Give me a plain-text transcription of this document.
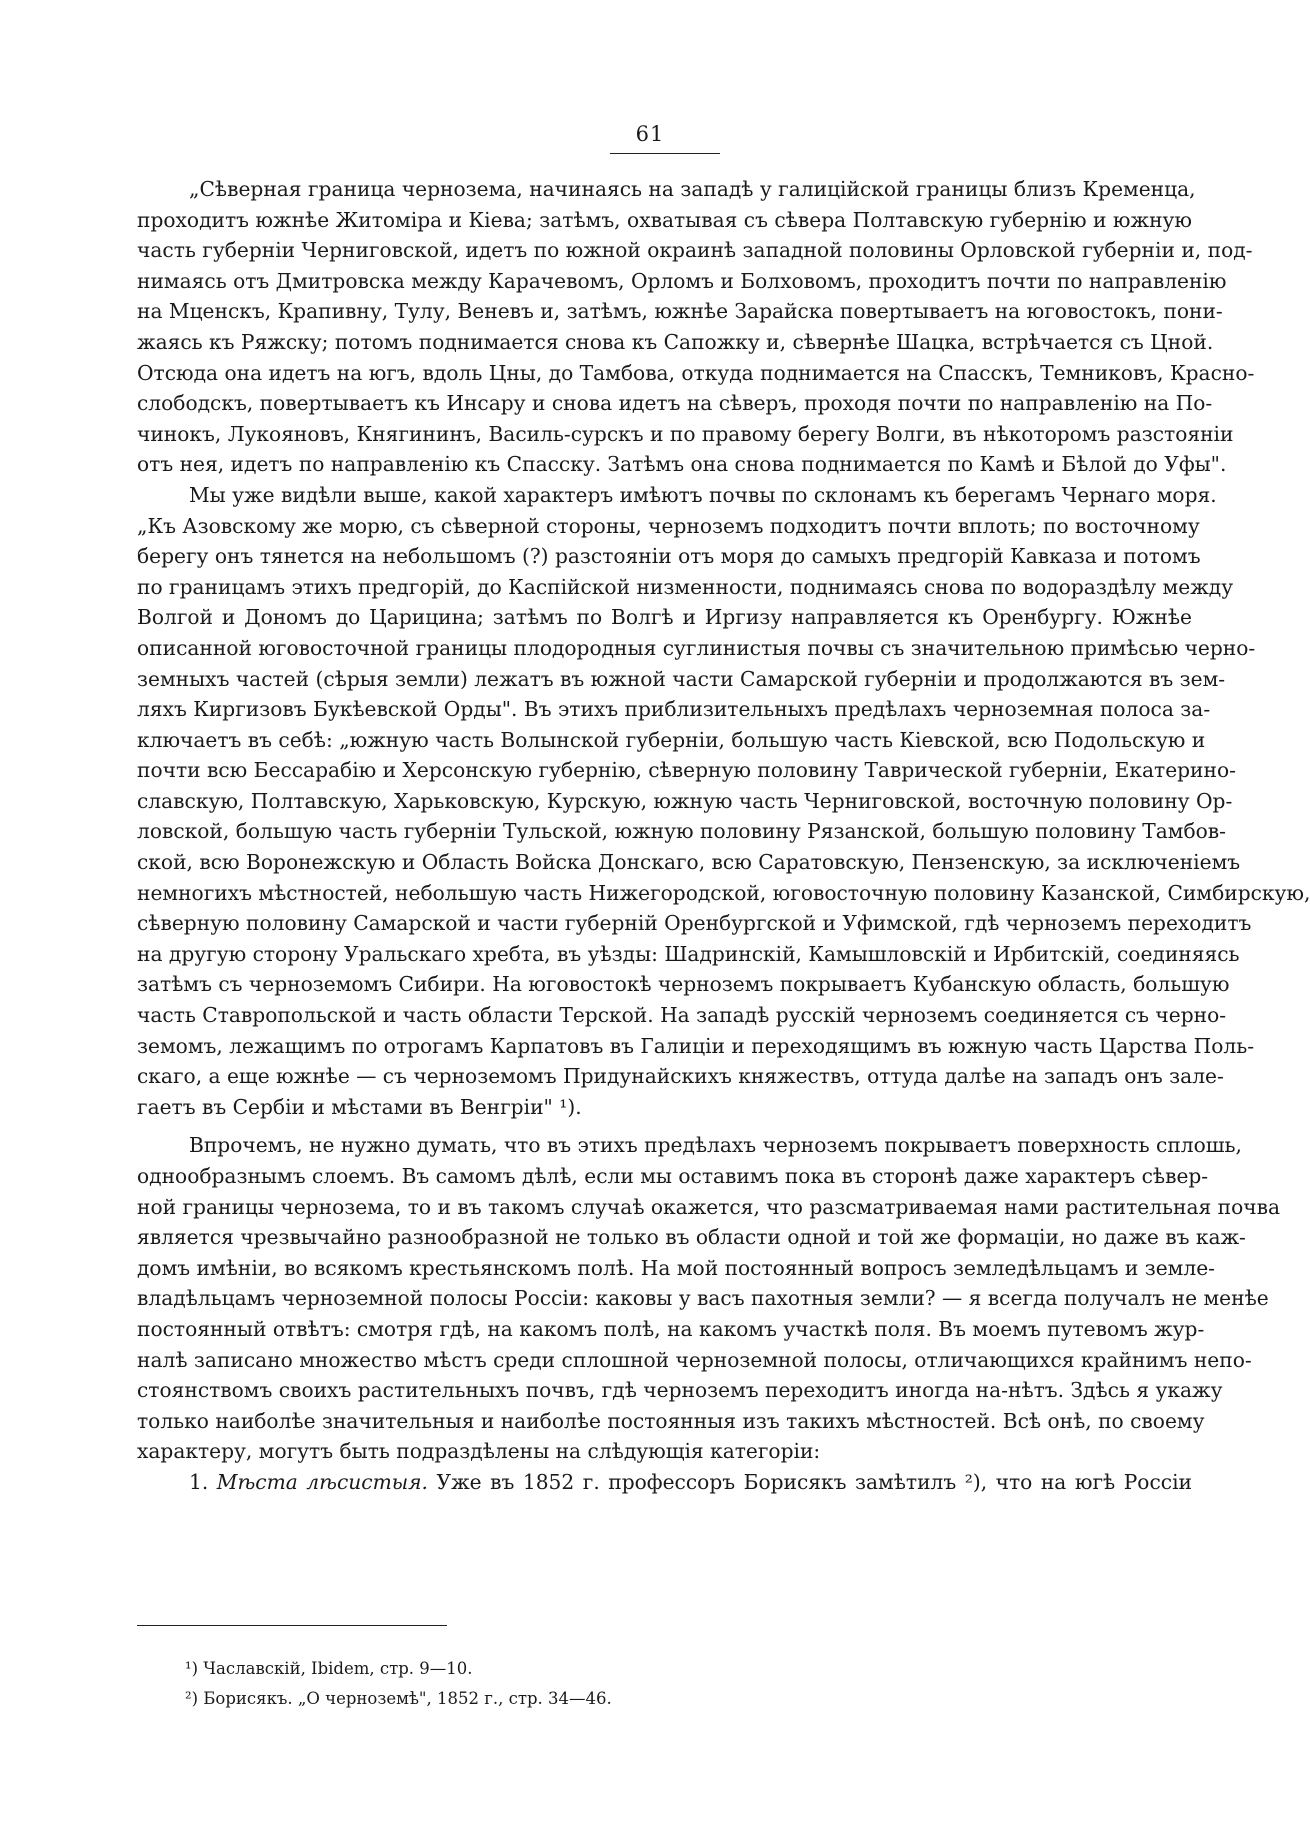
61
„Сѣверная граница чернозема, начинаясь на западѣ у галиційской границы близъ Кременца,
проходитъ южнѣе Житоміра и Кіева; затѣмъ, охватывая съ сѣвера Полтавскую губернію и южную
часть губерніи Черниговской, идетъ по южной окраинѣ западной половины Орловской губерніи и, под-
нимаясь отъ Дмитровска между Карачевомъ, Орломъ и Болховомъ, проходитъ почти по направленію
на Мценскъ, Крапивну, Тулу, Веневъ и, затѣмъ, южнѣе Зарайска повертываетъ на юговостокъ, пони-
жаясь къ Ряжску; потомъ поднимается снова къ Сапожку и, сѣвернѣе Шацка, встрѣчается съ Цной.
Отсюда она идетъ на югъ, вдоль Цны, до Тамбова, откуда поднимается на Спасскъ, Темниковъ, Красно-
слободскъ, повертываетъ къ Инсару и снова идетъ на сѣверъ, проходя почти по направленію на По-
чинокъ, Лукояновъ, Княгининъ, Василь-сурскъ и по правому берегу Волги, въ нѣкоторомъ разстояніи
отъ нея, идетъ по направленію къ Спасску. Затѣмъ она снова поднимается по Камѣ и Бѣлой до Уфы".
Мы уже видѣли выше, какой характеръ имѣютъ почвы по склонамъ къ берегамъ Чернаго моря.
„Къ Азовскому же морю, съ сѣверной стороны, черноземъ подходитъ почти вплоть; по восточному
берегу онъ тянется на небольшомъ (?) разстояніи отъ моря до самыхъ предгорій Кавказа и потомъ
по границамъ этихъ предгорій, до Каспійской низменности, поднимаясь снова по водораздѣлу между
Волгой и Дономъ до Царицина; затѣмъ по Волгѣ и Иргизу направляется къ Оренбургу. Южнѣе
описанной юговосточной границы плодородныя суглинистыя почвы съ значительною примѣсью черно-
земныхъ частей (сѣрыя земли) лежатъ въ южной части Самарской губерніи и продолжаются въ зем-
ляхъ Киргизовъ Букѣевской Орды". Въ этихъ приблизительныхъ предѣлахъ черноземная полоса за-
ключаетъ въ себѣ: „южную часть Волынской губерніи, большую часть Кіевской, всю Подольскую и
почти всю Бессарабію и Херсонскую губернію, сѣверную половину Таврической губерніи, Екатерино-
славскую, Полтавскую, Харьковскую, Курскую, южную часть Черниговской, восточную половину Ор-
ловской, большую часть губерніи Тульской, южную половину Рязанской, большую половину Тамбов-
ской, всю Воронежскую и Область Войска Донскаго, всю Саратовскую, Пензенскую, за исключеніемъ
немногихъ мѣстностей, небольшую часть Нижегородской, юговосточную половину Казанской, Симбирскую,
сѣверную половину Самарской и части губерній Оренбургской и Уфимской, гдѣ черноземъ переходитъ
на другую сторону Уральскаго хребта, въ уѣзды: Шадринскій, Камышловскій и Ирбитскій, соединяясь
затѣмъ съ черноземомъ Сибири. На юговостокѣ черноземъ покрываетъ Кубанскую область, большую
часть Ставропольской и часть области Терской. На западѣ русскій черноземъ соединяется съ черно-
земомъ, лежащимъ по отрогамъ Карпатовъ въ Галиціи и переходящимъ въ южную часть Царства Поль-
скаго, а еще южнѣе — съ черноземомъ Придунайскихъ княжествъ, оттуда далѣе на западъ онъ зале-
гаетъ въ Сербіи и мѣстами въ Венгріи" ¹).
Впрочемъ, не нужно думать, что въ этихъ предѣлахъ черноземъ покрываетъ поверхность сплошь,
однообразнымъ слоемъ. Въ самомъ дѣлѣ, если мы оставимъ пока въ сторонѣ даже характеръ сѣвер-
ной границы чернозема, то и въ такомъ случаѣ окажется, что разсматриваемая нами растительная почва
является чрезвычайно разнообразной не только въ области одной и той же формаціи, но даже въ каж-
домъ имѣніи, во всякомъ крестьянскомъ полѣ. На мой постоянный вопросъ земледѣльцамъ и земле-
владѣльцамъ черноземной полосы Россіи: каковы у васъ пахотныя земли? — я всегда получалъ не менѣе
постоянный отвѣтъ: смотря гдѣ, на какомъ полѣ, на какомъ участкѣ поля. Въ моемъ путевомъ жур-
налѣ записано множество мѣстъ среди сплошной черноземной полосы, отличающихся крайнимъ непо-
стоянствомъ своихъ растительныхъ почвъ, гдѣ черноземъ переходитъ иногда на-нѣтъ. Здѣсь я укажу
только наиболѣе значительныя и наиболѣе постоянныя изъ такихъ мѣстностей. Всѣ онѣ, по своему
характеру, могутъ быть подраздѣлены на слѣдующія категоріи:
1. Мѣста лѣсистыя. Уже въ 1852 г. профессоръ Борисякъ замѣтилъ ²), что на югѣ Россіи
¹) Чаславскій, Ibidem, стр. 9—10.
²) Борисякъ. „О черноземѣ", 1852 г., стр. 34—46.
